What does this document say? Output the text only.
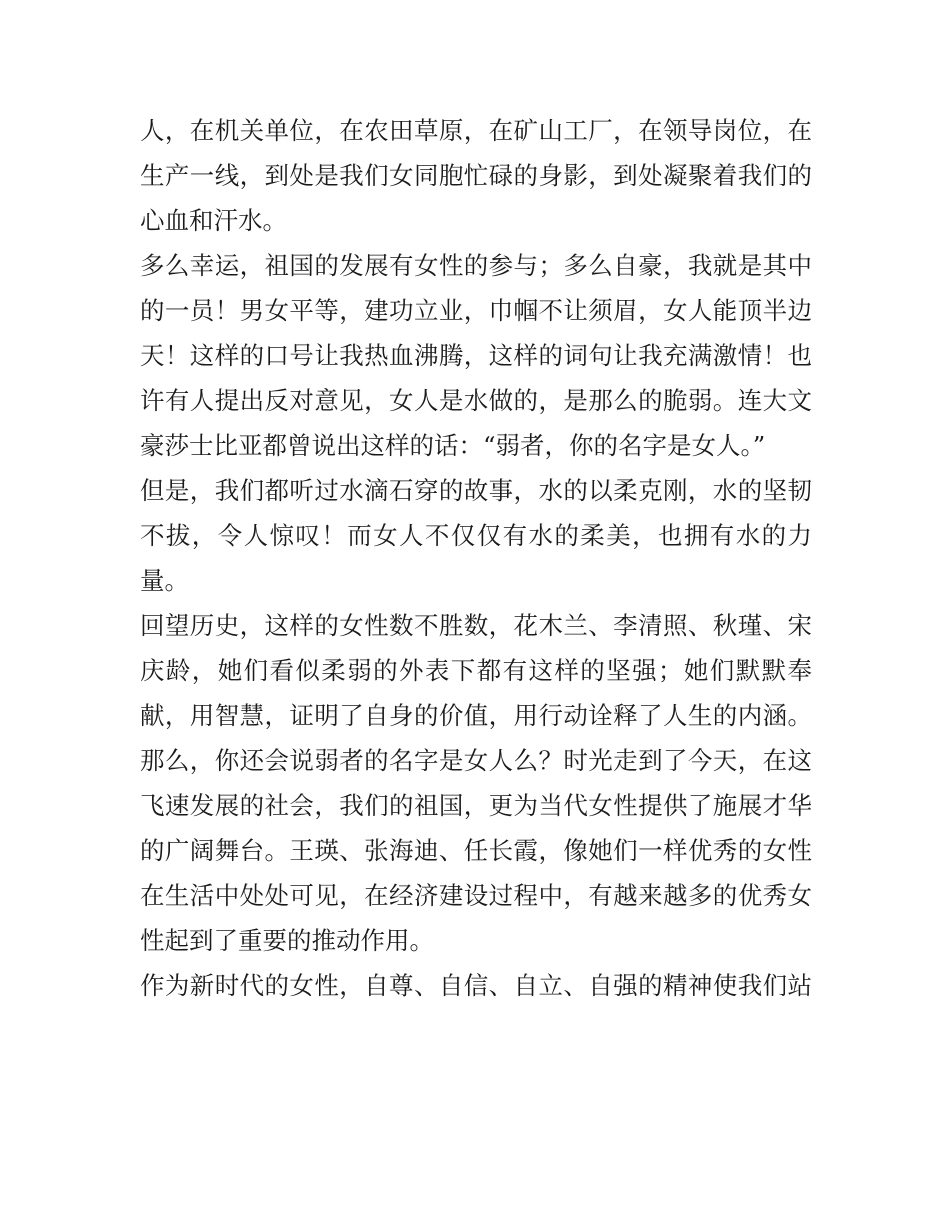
人，在机关单位，在农田草原，在矿山工厂，在领导岗位，在
生产一线，到处是我们女同胞忙碌的身影，到处凝聚着我们的
心血和汗水。
多么幸运，祖国的发展有女性的参与；多么自豪，我就是其中
的一员！男女平等，建功立业，巾帼不让须眉，女人能顶半边
天！这样的口号让我热血沸腾，这样的词句让我充满激情！也
许有人提出反对意见，女人是水做的，是那么的脆弱。连大文
豪莎士比亚都曾说出这样的话：“弱者，你的名字是女人。”
但是，我们都听过水滴石穿的故事，水的以柔克刚，水的坚韧
不拔，令人惊叹！而女人不仅仅有水的柔美，也拥有水的力
量。
回望历史，这样的女性数不胜数，花木兰、李清照、秋瑾、宋
庆龄，她们看似柔弱的外表下都有这样的坚强；她们默默奉
献，用智慧，证明了自身的价值，用行动诠释了人生的内涵。
那么，你还会说弱者的名字是女人么？时光走到了今天，在这
飞速发展的社会，我们的祖国，更为当代女性提供了施展才华
的广阔舞台。王瑛、张海迪、任长霞，像她们一样优秀的女性
在生活中处处可见，在经济建设过程中，有越来越多的优秀女
性起到了重要的推动作用。
作为新时代的女性，自尊、自信、自立、自强的精神使我们站
